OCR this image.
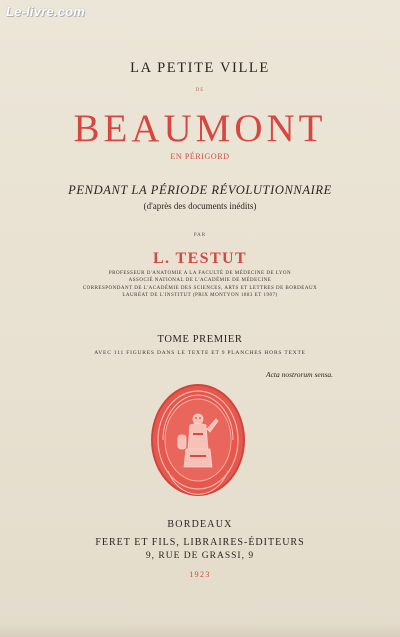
Le-livre.com
LA PETITE VILLE
DE
BEAUMONT
EN PÉRIGORD
PENDANT LA PÉRIODE RÉVOLUTIONNAIRE
(d'après des documents inédits)
PAR
L. TESTUT
PROFESSEUR D'ANATOMIE A LA FACULTÉ DE MÉDECINE DE LYON
ASSOCIÉ NATIONAL DE L'ACADÉMIE DE MÉDECINE
CORRESPONDANT DE L'ACADÉMIE DES SCIENCES, ARTS ET LETTRES DE BORDEAUX
LAURÉAT DE L'INSTITUT (PRIX MONTYON 1883 ET 1907)
TOME PREMIER
AVEC 111 FIGURES DANS LE TEXTE ET 9 PLANCHES HORS TEXTE
Acta nostrorum sensa.
BORDEAUX
FERET ET FILS, LIBRAIRES-ÉDITEURS
9, RUE DE GRASSI, 9
1923
